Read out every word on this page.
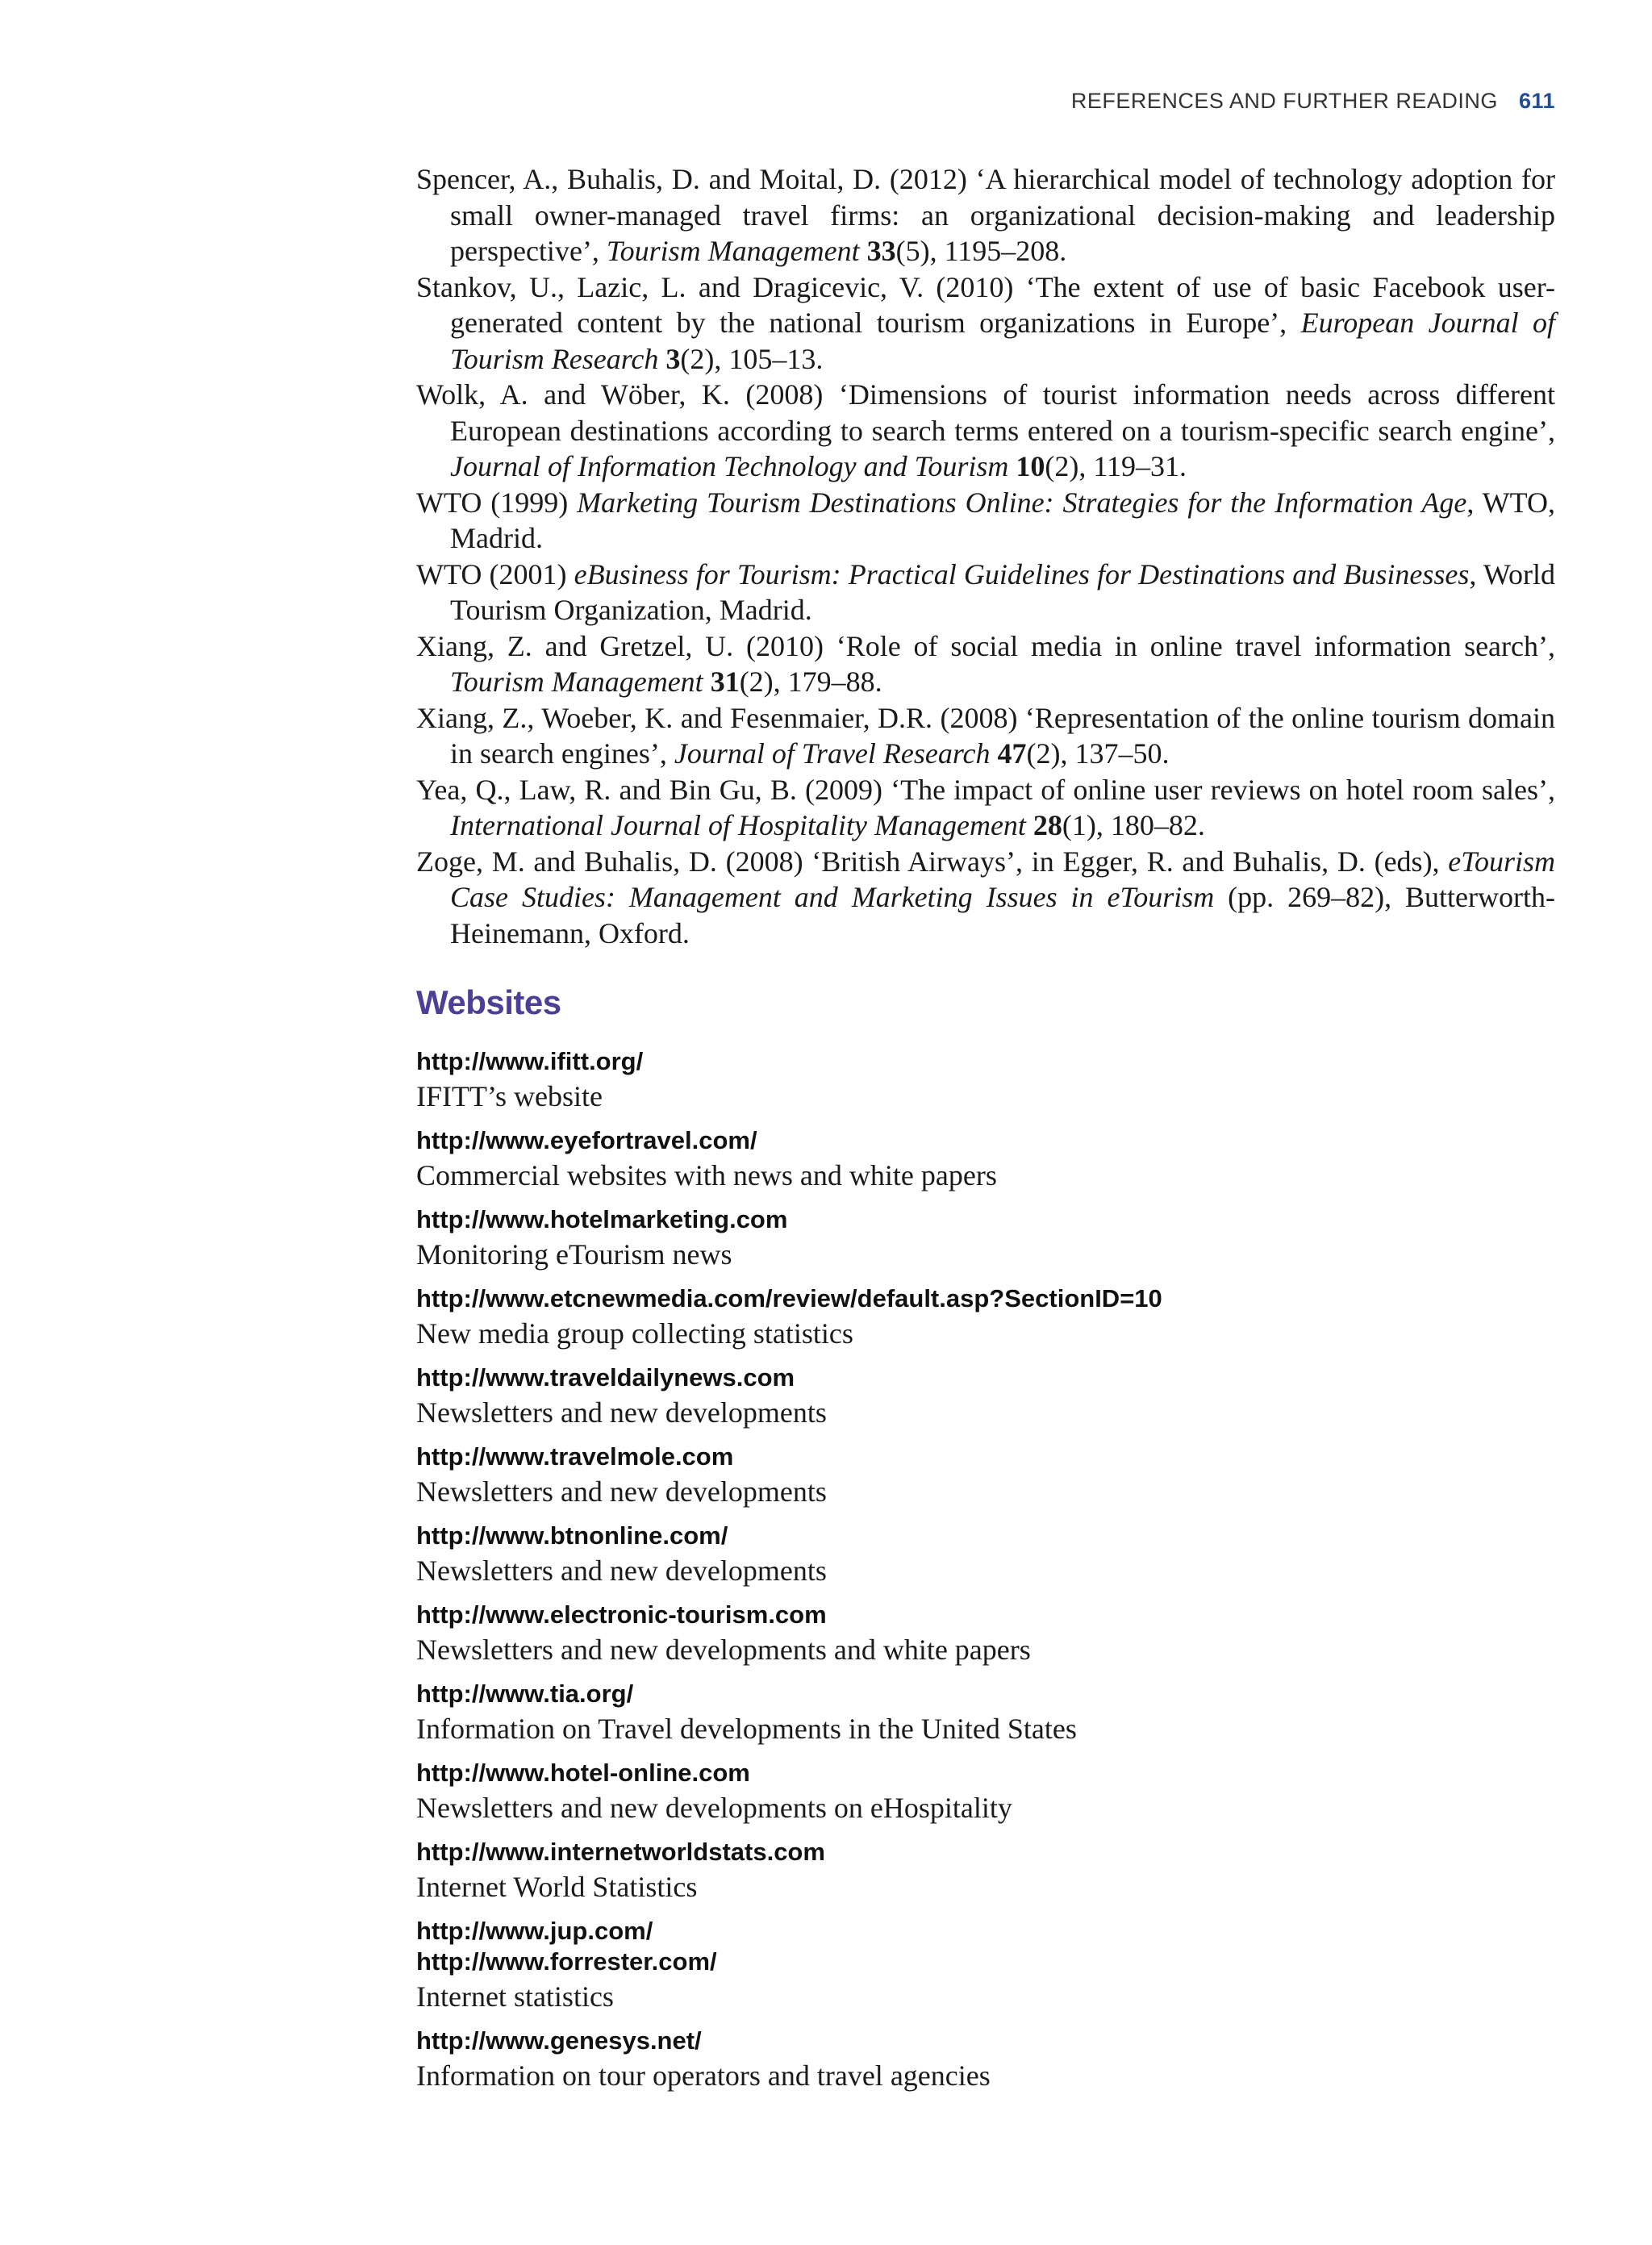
REFERENCES AND FURTHER READING 611

Spencer, A., Buhalis, D. and Moital, D. (2012) ‘A hierarchical model of technology adoption for small owner-managed travel firms: an organizational decision-making and leadership perspective’, Tourism Management 33(5), 1195–208.

Stankov, U., Lazic, L. and Dragicevic, V. (2010) ‘The extent of use of basic Facebook user-generated content by the national tourism organizations in Europe’, European Journal of Tourism Research 3(2), 105–13.

Wolk, A. and Wöber, K. (2008) ‘Dimensions of tourist information needs across different European destinations according to search terms entered on a tourism-specific search engine’, Journal of Information Technology and Tourism 10(2), 119–31.

WTO (1999) Marketing Tourism Destinations Online: Strategies for the Information Age, WTO, Madrid.

WTO (2001) eBusiness for Tourism: Practical Guidelines for Destinations and Businesses, World Tourism Organization, Madrid.

Xiang, Z. and Gretzel, U. (2010) ‘Role of social media in online travel information search’, Tourism Management 31(2), 179–88.

Xiang, Z., Woeber, K. and Fesenmaier, D.R. (2008) ‘Representation of the online tourism domain in search engines’, Journal of Travel Research 47(2), 137–50.

Yea, Q., Law, R. and Bin Gu, B. (2009) ‘The impact of online user reviews on hotel room sales’, International Journal of Hospitality Management 28(1), 180–82.

Zoge, M. and Buhalis, D. (2008) ‘British Airways’, in Egger, R. and Buhalis, D. (eds), eTourism Case Studies: Management and Marketing Issues in eTourism (pp. 269–82), Butterworth-Heinemann, Oxford.

Websites
http://www.ifitt.org/
IFITT’s website
http://www.eyefortravel.com/
Commercial websites with news and white papers
http://www.hotelmarketing.com
Monitoring eTourism news
http://www.etcnewmedia.com/review/default.asp?SectionID=10
New media group collecting statistics
http://www.traveldailynews.com
Newsletters and new developments
http://www.travelmole.com
Newsletters and new developments
http://www.btnonline.com/
Newsletters and new developments
http://www.electronic-tourism.com
Newsletters and new developments and white papers
http://www.tia.org/
Information on Travel developments in the United States
http://www.hotel-online.com
Newsletters and new developments on eHospitality
http://www.internetworldstats.com
Internet World Statistics
http://www.jup.com/
http://www.forrester.com/
Internet statistics
http://www.genesys.net/
Information on tour operators and travel agencies
